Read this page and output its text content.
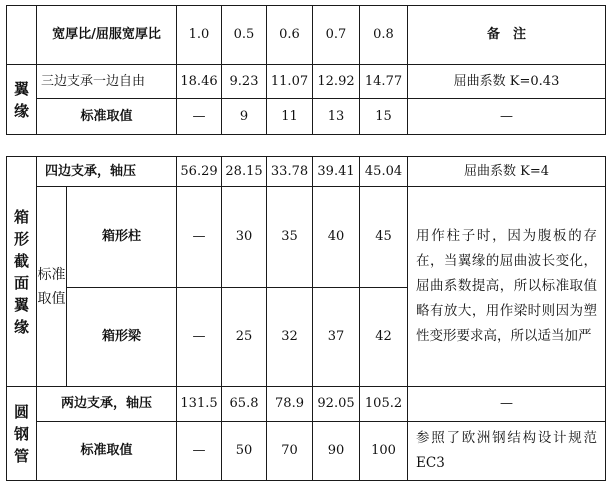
	宽厚比/屈服宽厚比	1.0	0.5	0.6	0.7	0.8	备　注
翼缘	三边支承一边自由	18.46	9.23	11.07	12.92	14.77	屈曲系数 K=0.43
	标准取值	—	9	11	13	15	—
箱形截面翼缘	四边支承，轴压		56.29	28.15	33.78	39.41	45.04	屈曲系数 K=4
	标准取值	箱形柱	—	30	35	40	45	用作柱子时，因为腹板的存在，当翼缘的屈曲波长变化，屈曲系数提高，所以标准取值略有放大，用作梁时则因为塑性变形要求高，所以适当加严
		箱形梁	—	25	32	37	42	
圆钢管	两边支承，轴压		131.5	65.8	78.9	92.05	105.2	—
	标准取值		—	50	70	90	100	参照了欧洲钢结构设计规范 EC3
